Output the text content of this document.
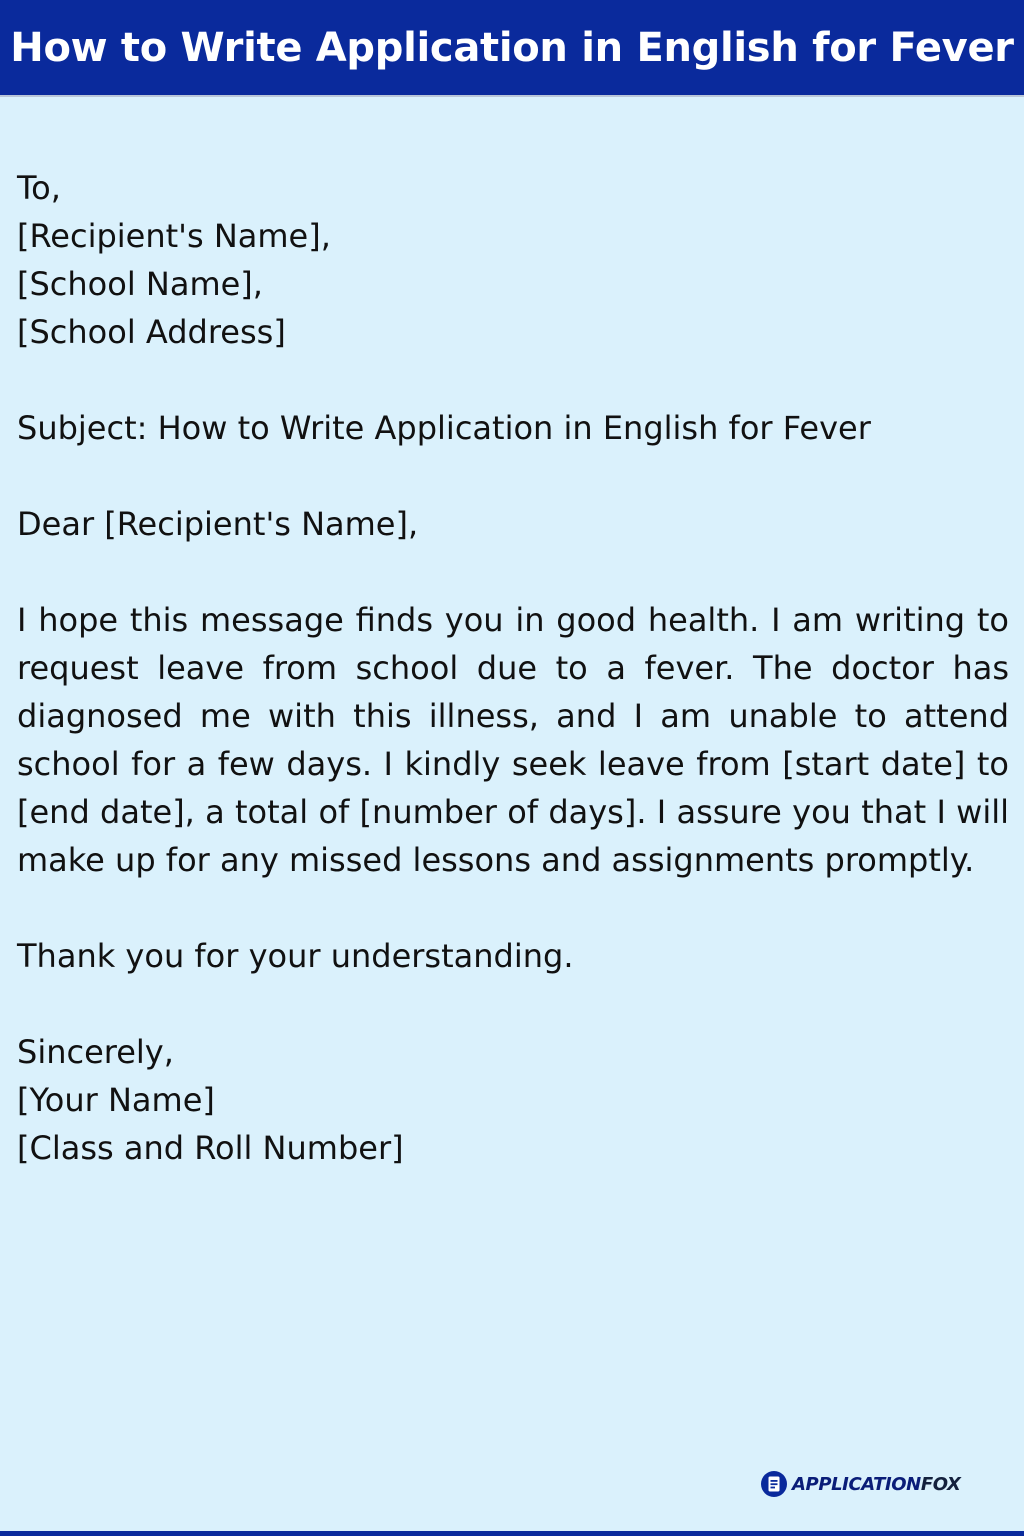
How to Write Application in English for Fever
To,
[Recipient's Name],
[School Name],
[School Address]
Subject: How to Write Application in English for Fever
Dear [Recipient's Name],
I hope this message finds you in good health. I am writing to request leave from school due to a fever. The doctor has diagnosed me with this illness, and I am unable to attend school for a few days. I kindly seek leave from [start date] to [end date], a total of [number of days]. I assure you that I will make up for any missed lessons and assignments promptly.
Thank you for your understanding.
Sincerely,
[Your Name]
[Class and Roll Number]
APPLICATIONFOX
